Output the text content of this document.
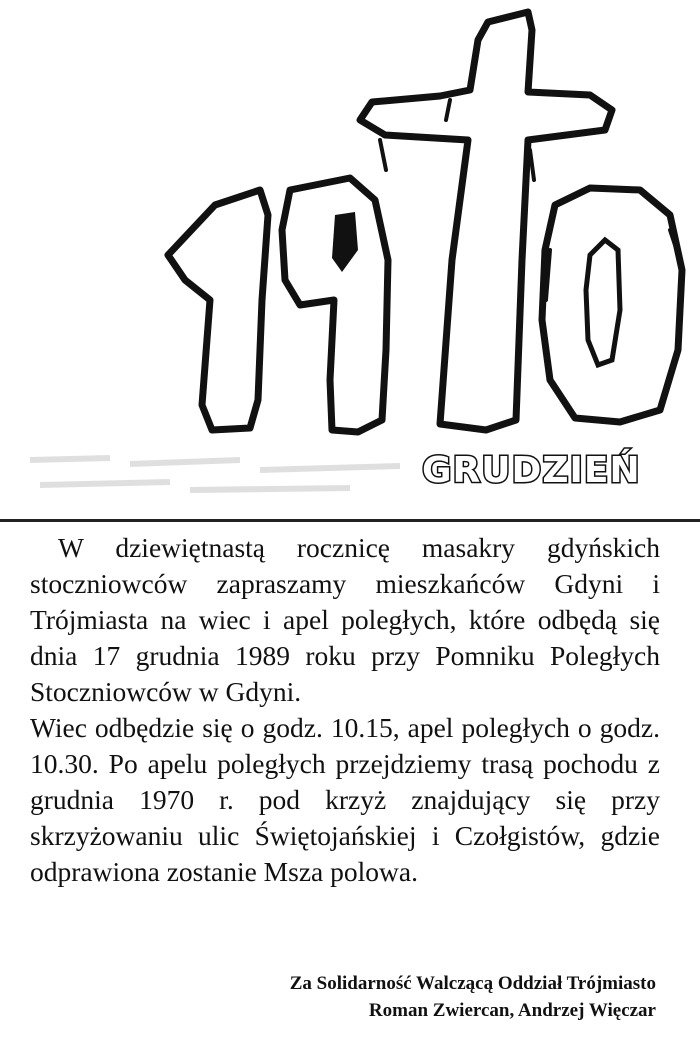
GRUDZIEŃ

W dziewiętnastą rocznicę masakry gdyńskich stoczniowców zapraszamy mieszkańców Gdyni i Trójmiasta na wiec i apel poległych, które odbędą się dnia 17 grudnia 1989 roku przy Pomniku Poległych Stoczniowców w Gdyni.

Wiec odbędzie się o godz. 10.15, apel poległych o godz. 10.30. Po apelu poległych przejdziemy trasą pochodu z grudnia 1970 r. pod krzyż znajdujący się przy skrzyżowaniu ulic Świętojańskiej i Czołgistów, gdzie odprawiona zostanie Msza polowa.

Za Solidarność Walczącą Oddział Trójmiasto
Roman Zwiercan, Andrzej Więczar
